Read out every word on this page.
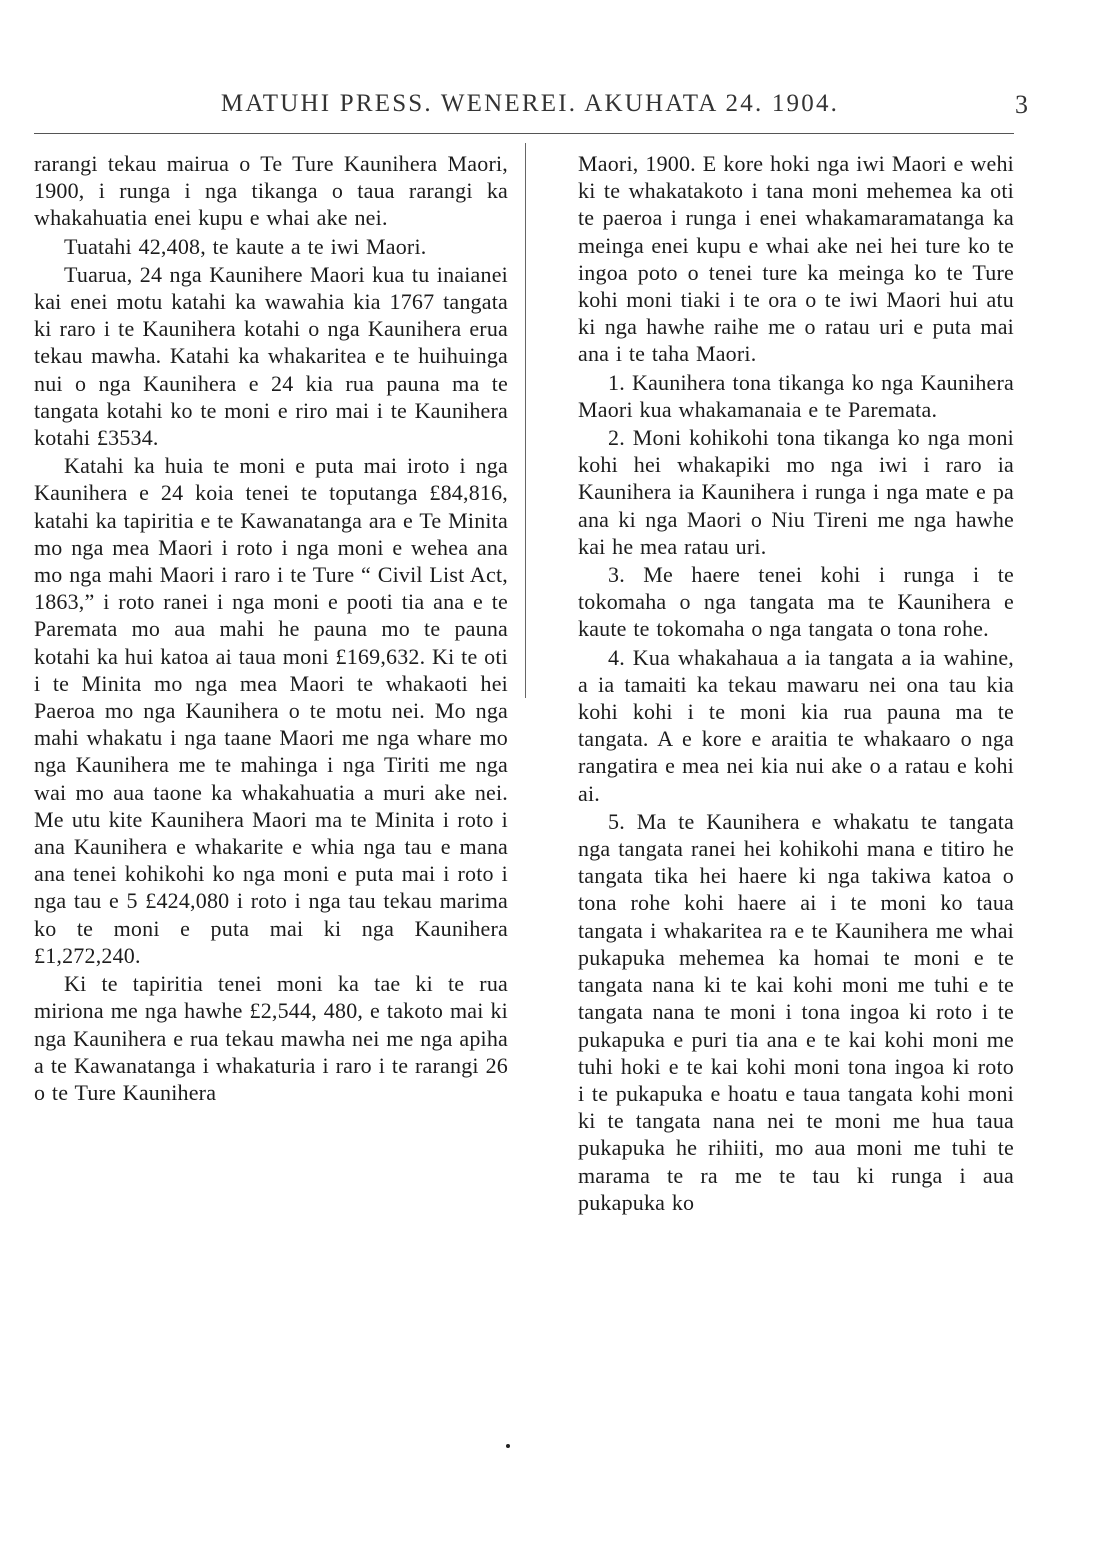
MATUHI PRESS. WENEREI. AKUHATA 24. 1904.	3

rarangi tekau mairua o Te Ture Kaunihera Maori, 1900, i runga i nga tikanga o taua rarangi ka whakahuatia enei kupu e whai ake nei.

Tuatahi 42,408, te kaute a te iwi Maori.

Tuarua, 24 nga Kaunihere Maori kua tu inaianei kai enei motu katahi ka wawahia kia 1767 tangata ki raro i te Kaunihera kotahi o nga Kaunihera erua tekau mawha. Katahi ka whakaritea e te huihuinga nui o nga Kaunihera e 24 kia rua pauna ma te tangata kotahi ko te moni e riro mai i te Kaunihera kotahi £3534.

Katahi ka huia te moni e puta mai iroto i nga Kaunihera e 24 koia tenei te toputanga £84,816, katahi ka tapiritia e te Kawanatanga ara e Te Minita mo nga mea Maori i roto i nga moni e wehea ana mo nga mahi Maori i raro i te Ture “ Civil List Act, 1863,” i roto ranei i nga moni e pooti tia ana e te Paremata mo aua mahi he pauna mo te pauna kotahi ka hui katoa ai taua moni £169,632. Ki te oti i te Minita mo nga mea Maori te whakaoti hei Paeroa mo nga Kaunihera o te motu nei. Mo nga mahi whakatu i nga taane Maori me nga whare mo nga Kaunihera me te mahinga i nga Tiriti me nga wai mo aua taone ka whakahuatia a muri ake nei. Me utu kite Kaunihera Maori ma te Minita i roto i ana Kaunihera e whakarite e whia nga tau e mana ana tenei kohikohi ko nga moni e puta mai i roto i nga tau e 5 £424,080 i roto i nga tau tekau marima ko te moni e puta mai ki nga Kaunihera £1,272,240.

Ki te tapiritia tenei moni ka tae ki te rua miriona me nga hawhe £2,544, 480, e takoto mai ki nga Kaunihera e rua tekau mawha nei me nga apiha a te Kawanatanga i whakaturia i raro i te rarangi 26 o te Ture Kaunihera

Maori, 1900. E kore hoki nga iwi Maori e wehi ki te whakatakoto i tana moni mehemea ka oti te paeroa i runga i enei whakamaramatanga ka meinga enei kupu e whai ake nei hei ture ko te ingoa poto o tenei ture ka meinga ko te Ture kohi moni tiaki i te ora o te iwi Maori hui atu ki nga hawhe raihe me o ratau uri e puta mai ana i te taha Maori.

1. Kaunihera tona tikanga ko nga Kaunihera Maori kua whakamanaia e te Paremata.

2. Moni kohikohi tona tikanga ko nga moni kohi hei whakapiki mo nga iwi i raro ia Kaunihera ia Kaunihera i runga i nga mate e pa ana ki nga Maori o Niu Tireni me nga hawhe kai he mea ratau uri.

3. Me haere tenei kohi i runga i te tokomaha o nga tangata ma te Kaunihera e kaute te tokomaha o nga tangata o tona rohe.

4. Kua whakahaua a ia tangata a ia wahine, a ia tamaiti ka tekau mawaru nei ona tau kia kohi kohi i te moni kia rua pauna ma te tangata. A e kore e araitia te whakaaro o nga rangatira e mea nei kia nui ake o a ratau e kohi ai.

5. Ma te Kaunihera e whakatu te tangata nga tangata ranei hei kohikohi mana e titiro he tangata tika hei haere ki nga takiwa katoa o tona rohe kohi haere ai i te moni ko taua tangata i whakaritea ra e te Kaunihera me whai pukapuka mehemea ka homai te moni e te tangata nana ki te kai kohi moni me tuhi e te tangata nana te moni i tona ingoa ki roto i te pukapuka e puri tia ana e te kai kohi moni me tuhi hoki e te kai kohi moni tona ingoa ki roto i te pukapuka e hoatu e taua tangata kohi moni ki te tangata nana nei te moni me hua taua pukapuka he rihiiti, mo aua moni me tuhi te marama te ra me te tau ki runga i aua pukapuka ko
